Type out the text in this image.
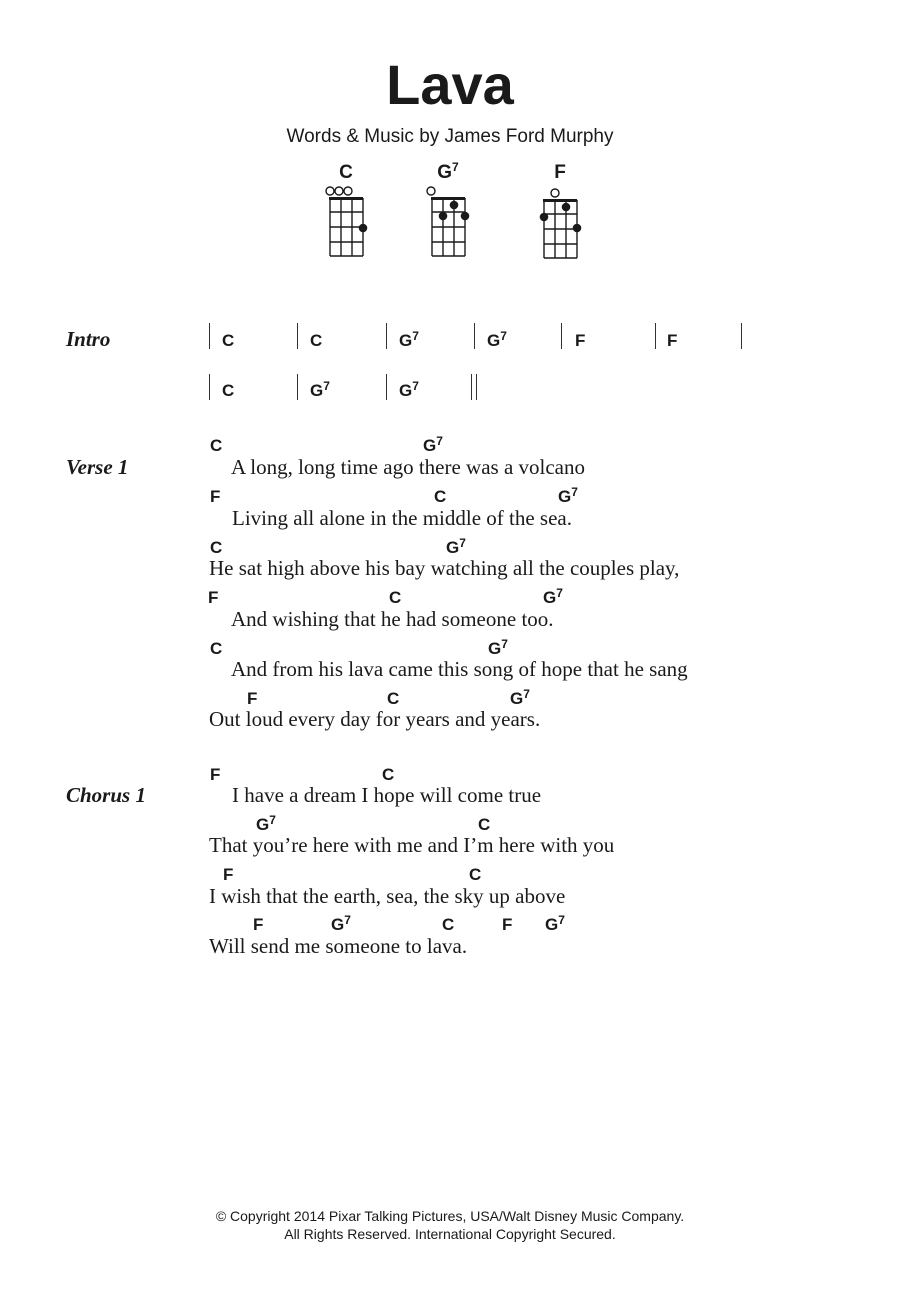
Lava
Words & Music by James Ford Murphy
C	$G^7$	F
Intro	C	C	$G^7$	$G^7$	F	F
C	$G^7$	$G^7$
Verse 1
C	$G^7$
A long, long time ago there was a volcano
F	C	$G^7$
Living all alone in the middle of the sea.
C	$G^7$
He sat high above his bay watching all the couples play,
F	C	$G^7$
And wishing that he had someone too.
C	$G^7$
And from his lava came this song of hope that he sang
F	C	$G^7$
Out loud every day for years and years.
Chorus 1
F	C
I have a dream I hope will come true
$G^7$	C
That you’re here with me and I’m here with you
F	C
I wish that the earth, sea, the sky up above
F	$G^7$	C	F $G^7$
Will send me someone to lava.
© Copyright 2014 Pixar Talking Pictures, USA/Walt Disney Music Company.
All Rights Reserved. International Copyright Secured.
